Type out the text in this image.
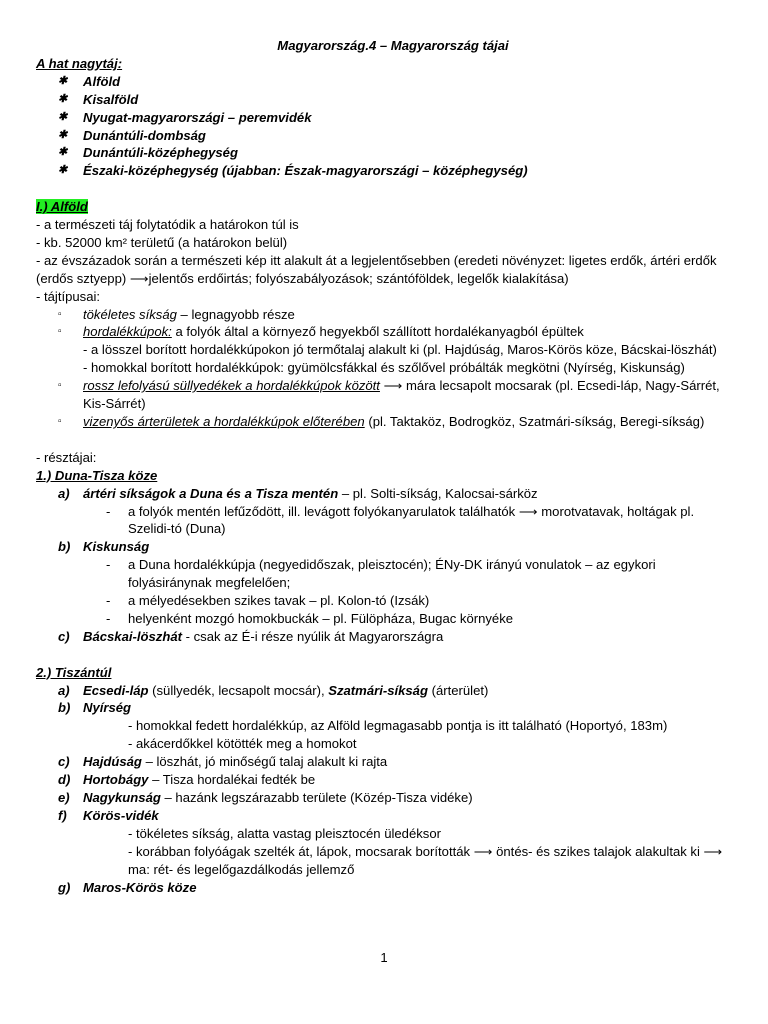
Magyarország.4 – Magyarország tájai
A hat nagytáj:
✱ Alföld
✱ Kisalföld
✱ Nyugat-magyarországi – peremvidék
✱ Dunántúli-dombság
✱ Dunántúli-középhegység
✱ Északi-középhegység (újabban: Észak-magyarországi – középhegység)
I.) Alföld
- a természeti táj folytatódik a határokon túl is
- kb. 52000 km² területű (a határokon belül)
- az évszázadok során a természeti kép itt alakult át a legjelentősebben (eredeti növényzet: ligetes erdők, ártéri erdők (erdős sztyepp) ⟶jelentős erdőirtás; folyószabályozások; szántóföldek, legelők kialakítása)
- tájtípusai:
▫ tökéletes síkság – legnagyobb része
▫ hordalékkúpok: a folyók által a környező hegyekből szállított hordalékanyagból épültek
- a lösszel borított hordalékkúpokon jó termőtalaj alakult ki (pl. Hajdúság, Maros-Körös köze, Bácskai-löszhát)
- homokkal borított hordalékkúpok: gyümölcsfákkal és szőlővel próbálták megkötni (Nyírség, Kiskunság)
▫ rossz lefolyású süllyedékek a hordalékkúpok között ⟶ mára lecsapolt mocsarak (pl. Ecsedi-láp, Nagy-Sárrét, Kis-Sárrét)
▫ vizenyős árterületek a hordalékkúpok előterében (pl. Taktaköz, Bodrogköz, Szatmári-síkság, Beregi-síkság)
- résztájai:
1.) Duna-Tisza köze
a) ártéri síkságok a Duna és a Tisza mentén – pl. Solti-síkság, Kalocsai-sárköz
- a folyók mentén lefűződött, ill. levágott folyókanyarulatok találhatók ⟶ morotvatavak, holtágak pl. Szelidi-tó (Duna)
b) Kiskunság
- a Duna hordalékkúpja (negyedidőszak, pleisztocén); ÉNy-DK irányú vonulatok – az egykori folyásiránynak megfelelően;
- a mélyedésekben szikes tavak – pl. Kolon-tó (Izsák)
- helyenként mozgó homokbuckák – pl. Fülöpháza, Bugac környéke
c) Bácskai-löszhát - csak az É-i része nyúlik át Magyarországra
2.) Tiszántúl
a) Ecsedi-láp (süllyedék, lecsapolt mocsár), Szatmári-síkság (árterület)
b) Nyírség
- homokkal fedett hordalékkúp, az Alföld legmagasabb pontja is itt található (Hoportyó, 183m)
- akácerdőkkel kötötték meg a homokot
c) Hajdúság – löszhát, jó minőségű talaj alakult ki rajta
d) Hortobágy – Tisza hordalékai fedték be
e) Nagykunság – hazánk legszárazabb területe (Közép-Tisza vidéke)
f) Körös-vidék
- tökéletes síkság, alatta vastag pleisztocén üledéksor
- korábban folyóágak szelték át, lápok, mocsarak borították ⟶ öntés- és szikes talajok alakultak ki ⟶ ma: rét- és legelőgazdálkodás jellemző
g) Maros-Körös köze
1
